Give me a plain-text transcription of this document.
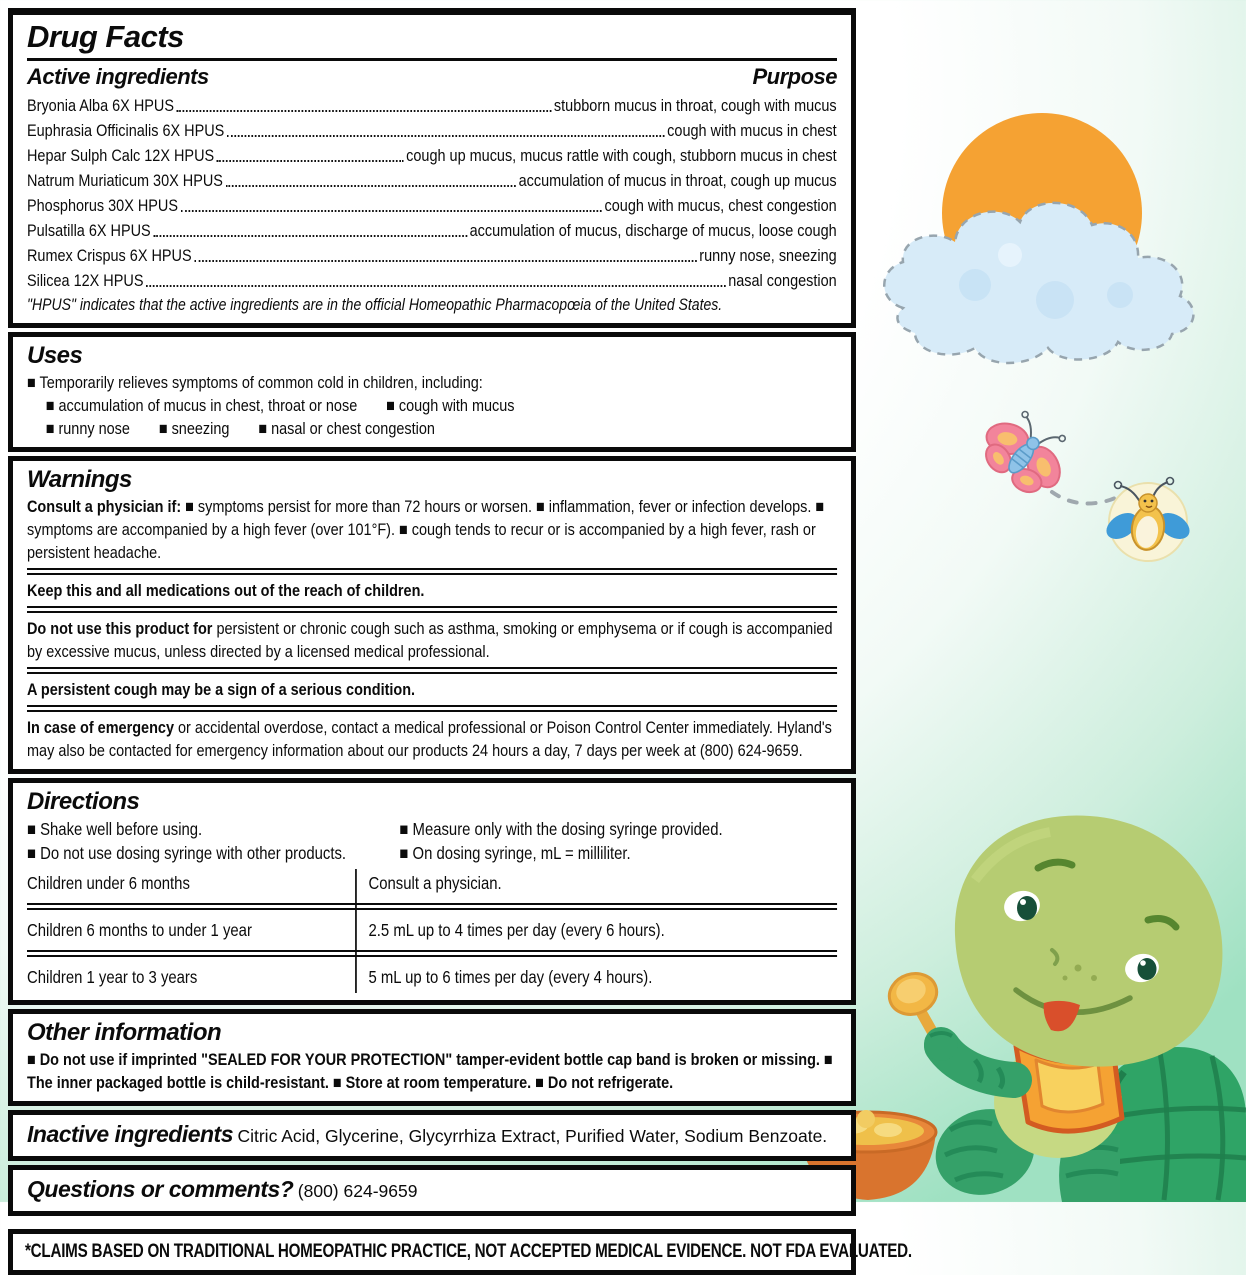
Drug Facts
Active ingredients	Purpose
Bryonia Alba 6X HPUS	stubborn mucus in throat, cough with mucus
Euphrasia Officinalis 6X HPUS	cough with mucus in chest
Hepar Sulph Calc 12X HPUS	cough up mucus, mucus rattle with cough, stubborn mucus in chest
Natrum Muriaticum 30X HPUS	accumulation of mucus in throat, cough up mucus
Phosphorus 30X HPUS	cough with mucus, chest congestion
Pulsatilla 6X HPUS	accumulation of mucus, discharge of mucus, loose cough
Rumex Crispus 6X HPUS	runny nose, sneezing
Silicea 12X HPUS	nasal congestion
"HPUS" indicates that the active ingredients are in the official Homeopathic Pharmacopœia of the United States.
Uses
■ Temporarily relieves symptoms of common cold in children, including:
■ accumulation of mucus in chest, throat or nose ■ cough with mucus
■ runny nose ■ sneezing ■ nasal or chest congestion
Warnings
Consult a physician if: ■ symptoms persist for more than 72 hours or worsen. ■ inflammation, fever or infection develops. ■ symptoms are accompanied by a high fever (over 101°F). ■ cough tends to recur or is accompanied by a high fever, rash or persistent headache.
Keep this and all medications out of the reach of children.
Do not use this product for persistent or chronic cough such as asthma, smoking or emphysema or if cough is accompanied by excessive mucus, unless directed by a licensed medical professional.
A persistent cough may be a sign of a serious condition.
In case of emergency or accidental overdose, contact a medical professional or Poison Control Center immediately. Hyland's may also be contacted for emergency information about our products 24 hours a day, 7 days per week at (800) 624-9659.
Directions
■ Shake well before using.	■ Measure only with the dosing syringe provided.
■ Do not use dosing syringe with other products.	■ On dosing syringe, mL = milliliter.
Children under 6 months	Consult a physician.
Children 6 months to under 1 year	2.5 mL up to 4 times per day (every 6 hours).
Children 1 year to 3 years	5 mL up to 6 times per day (every 4 hours).
Other information
■ Do not use if imprinted "SEALED FOR YOUR PROTECTION" tamper-evident bottle cap band is broken or missing. ■ The inner packaged bottle is child-resistant. ■ Store at room temperature. ■ Do not refrigerate.
Inactive ingredients Citric Acid, Glycerine, Glycyrrhiza Extract, Purified Water, Sodium Benzoate.
Questions or comments? (800) 624-9659
*CLAIMS BASED ON TRADITIONAL HOMEOPATHIC PRACTICE, NOT ACCEPTED MEDICAL EVIDENCE. NOT FDA EVALUATED.
